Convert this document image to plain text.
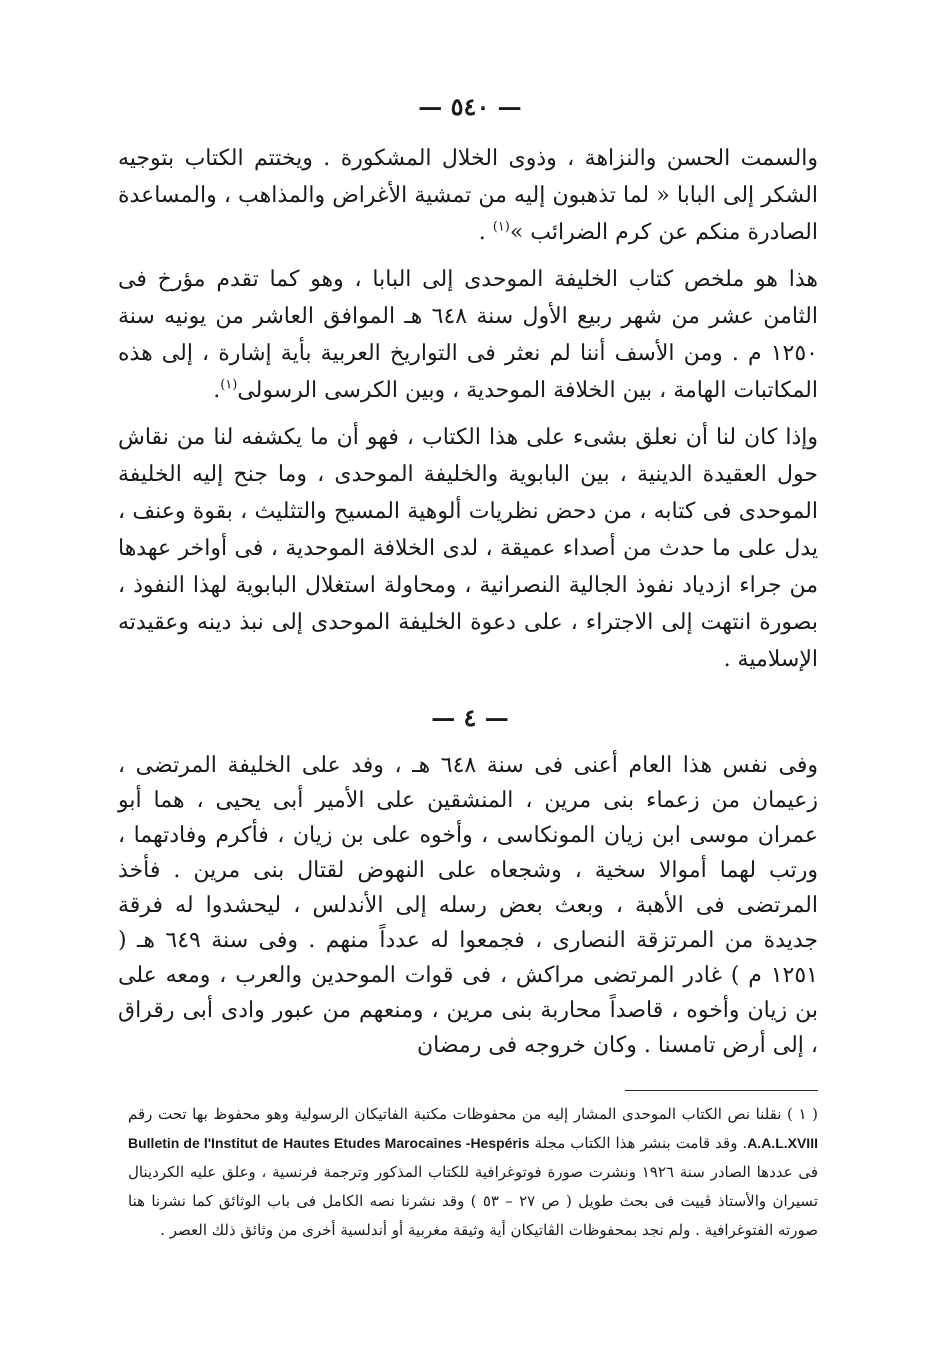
— ٥٤٠ —

والسمت الحسن والنزاهة ، وذوى الخلال المشكورة . ويختتم الكتاب بتوجيه الشكر إلى البابا « لما تذهبون إليه من تمشية الأغراض والمذاهب ، والمساعدة الصادرة منكم عن كرم الضرائب »$^{(١)}$ .

هذا هو ملخص كتاب الخليفة الموحدى إلى البابا ، وهو كما تقدم مؤرخ فى الثامن عشر من شهر ربيع الأول سنة ٦٤٨ هـ الموافق العاشر من يونيه سنة ١٢٥٠ م . ومن الأسف أننا لم نعثر فى التواريخ العربية بأية إشارة ، إلى هذه المكاتبات الهامة ، بين الخلافة الموحدية ، وبين الكرسى الرسولى$^{(١)}$.

وإذا كان لنا أن نعلق بشىء على هذا الكتاب ، فهو أن ما يكشفه لنا من نقاش حول العقيدة الدينية ، بين البابوية والخليفة الموحدى ، وما جنح إليه الخليفة الموحدى فى كتابه ، من دحض نظريات ألوهية المسيح والتثليث ، بقوة وعنف ، يدل على ما حدث من أصداء عميقة ، لدى الخلافة الموحدية ، فى أواخر عهدها من جراء ازدياد نفوذ الجالية النصرانية ، ومحاولة استغلال البابوية لهذا النفوذ ، بصورة انتهت إلى الاجتراء ، على دعوة الخليفة الموحدى إلى نبذ دينه وعقيدته الإسلامية .

— ٤ —

وفى نفس هذا العام أعنى فى سنة ٦٤٨ هـ ، وفد على الخليفة المرتضى ، زعيمان من زعماء بنى مرين ، المنشقين على الأمير أبى يحيى ، هما أبو عمران موسى ابن زيان المونكاسى ، وأخوه على بن زيان ، فأكرم وفادتهما ، ورتب لهما أموالا سخية ، وشجعاه على النهوض لقتال بنى مرين . فأخذ المرتضى فى الأهبة ، وبعث بعض رسله إلى الأندلس ، ليحشدوا له فرقة جديدة من المرتزقة النصارى ، فجمعوا له عدداً منهم . وفى سنة ٦٤٩ هـ ( ١٢٥١ م ) غادر المرتضى مراكش ، فى قوات الموحدين والعرب ، ومعه على بن زيان وأخوه ، قاصداً محاربة بنى مرين ، ومنعهم من عبور وادى أبى رقراق ، إلى أرض تامسنا . وكان خروجه فى رمضان

( ١ ) نقلنا نص الكتاب الموحدى المشار إليه من محفوظات مكتبة الفاتيكان الرسولية وهو محفوظ بها تحت رقم A.A.L.XVIII. وقد قامت بنشر هذا الكتاب مجلة Bulletin de l'Institut de Hautes Etudes Marocaines -Hespéris فى عددها الصادر سنة ١٩٢٦ ونشرت صورة فوتوغرافية للكتاب المذكور وترجمة فرنسية ، وعلق عليه الكردينال تسيران والأستاذ ڤييت فى بحث طويل ( ص ٢٧ – ٥٣ ) وقد نشرنا نصه الكامل فى باب الوثائق كما نشرنا هنا صورته الفتوغرافية . ولم نجد بمحفوظات الڤاتيكان أية وثيقة مغربية أو أندلسية أخرى من وثائق ذلك العصر .
